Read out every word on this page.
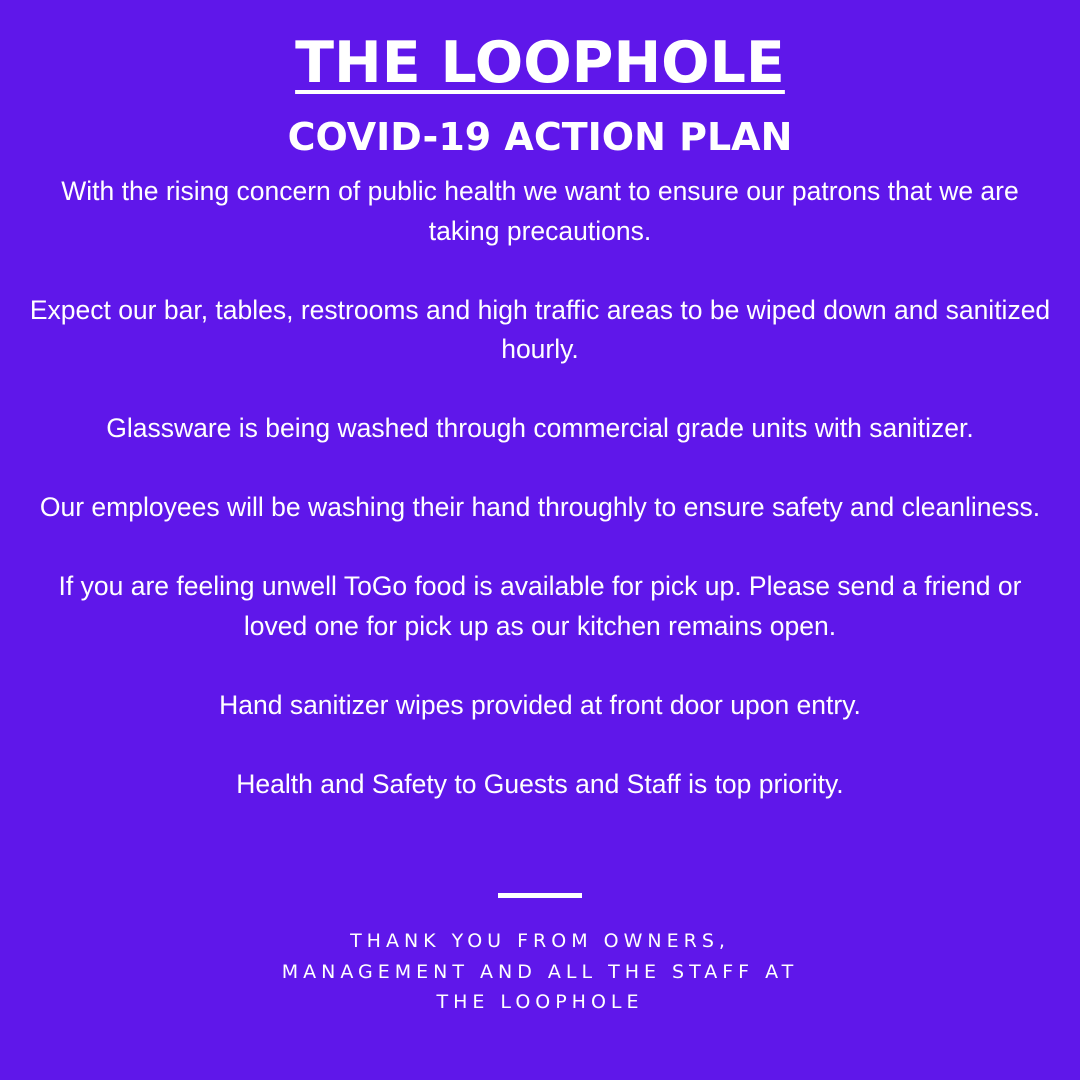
THE LOOPHOLE
COVID-19 ACTION PLAN

With the rising concern of public health we want to ensure our patrons that we are taking precautions.

Expect our bar, tables, restrooms and high traffic areas to be wiped down and sanitized hourly.

Glassware is being washed through commercial grade units with sanitizer.

Our employees will be washing their hand throughly to ensure safety and cleanliness.

If you are feeling unwell ToGo food is available for pick up. Please send a friend or loved one for pick up as our kitchen remains open.

Hand sanitizer wipes provided at front door upon entry.

Health and Safety to Guests and Staff is top priority.

THANK YOU FROM OWNERS,
MANAGEMENT AND ALL THE STAFF AT
THE LOOPHOLE
